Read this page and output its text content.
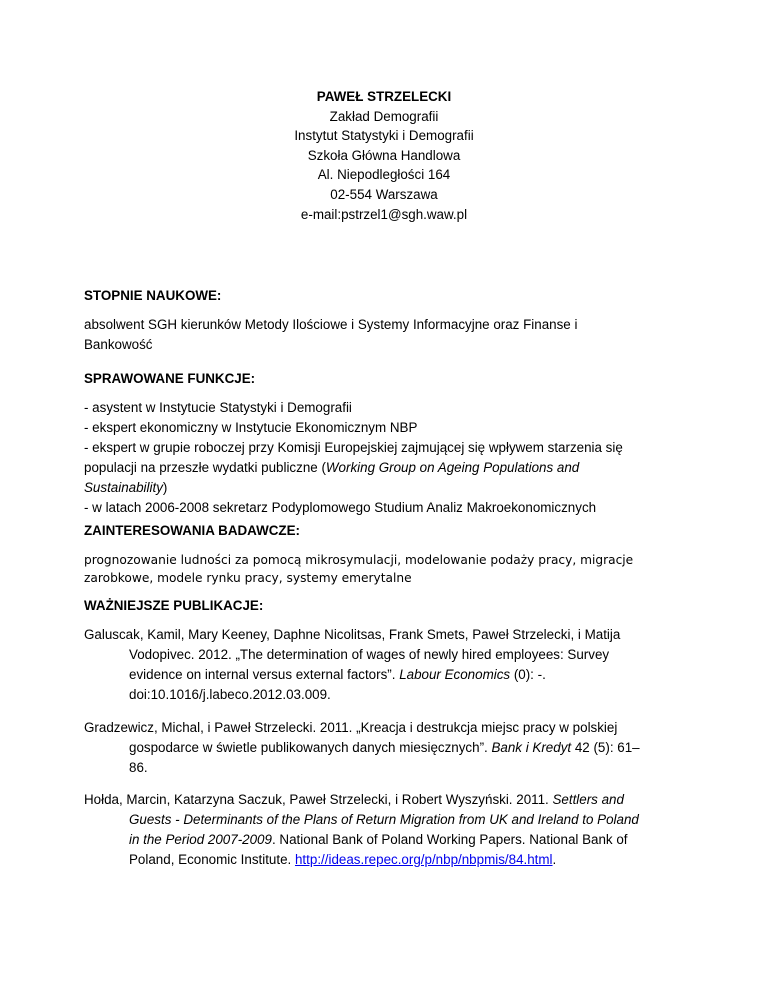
PAWEŁ STRZELECKI
Zakład Demografii
Instytut Statystyki i Demografii
Szkoła Główna Handlowa
Al. Niepodległości 164
02-554 Warszawa
e-mail:pstrzel1@sgh.waw.pl
STOPNIE NAUKOWE:
absolwent SGH kierunków Metody Ilościowe i Systemy Informacyjne oraz Finanse i
Bankowość
SPRAWOWANE FUNKCJE:
- asystent w Instytucie Statystyki i Demografii
- ekspert ekonomiczny w Instytucie Ekonomicznym NBP
- ekspert w grupie roboczej przy Komisji Europejskiej zajmującej się wpływem starzenia się
populacji na przeszłe wydatki publiczne (Working Group on Ageing Populations and
Sustainability)
- w latach 2006-2008 sekretarz Podyplomowego Studium Analiz Makroekonomicznych
ZAINTERESOWANIA BADAWCZE:
prognozowanie ludności za pomocą mikrosymulacji, modelowanie podaży pracy, migracje
zarobkowe, modele rynku pracy, systemy emerytalne
WAŻNIEJSZE PUBLIKACJE:
Galuscak, Kamil, Mary Keeney, Daphne Nicolitsas, Frank Smets, Paweł Strzelecki, i Matija
Vodopivec. 2012. „The determination of wages of newly hired employees: Survey
evidence on internal versus external factors”. Labour Economics (0): -.
doi:10.1016/j.labeco.2012.03.009.
Gradzewicz, Michal, i Paweł Strzelecki. 2011. „Kreacja i destrukcja miejsc pracy w polskiej
gospodarce w świetle publikowanych danych miesięcznych”. Bank i Kredyt 42 (5): 61–
86.
Hołda, Marcin, Katarzyna Saczuk, Paweł Strzelecki, i Robert Wyszyński. 2011. Settlers and
Guests - Determinants of the Plans of Return Migration from UK and Ireland to Poland
in the Period 2007-2009. National Bank of Poland Working Papers. National Bank of
Poland, Economic Institute. http://ideas.repec.org/p/nbp/nbpmis/84.html.
